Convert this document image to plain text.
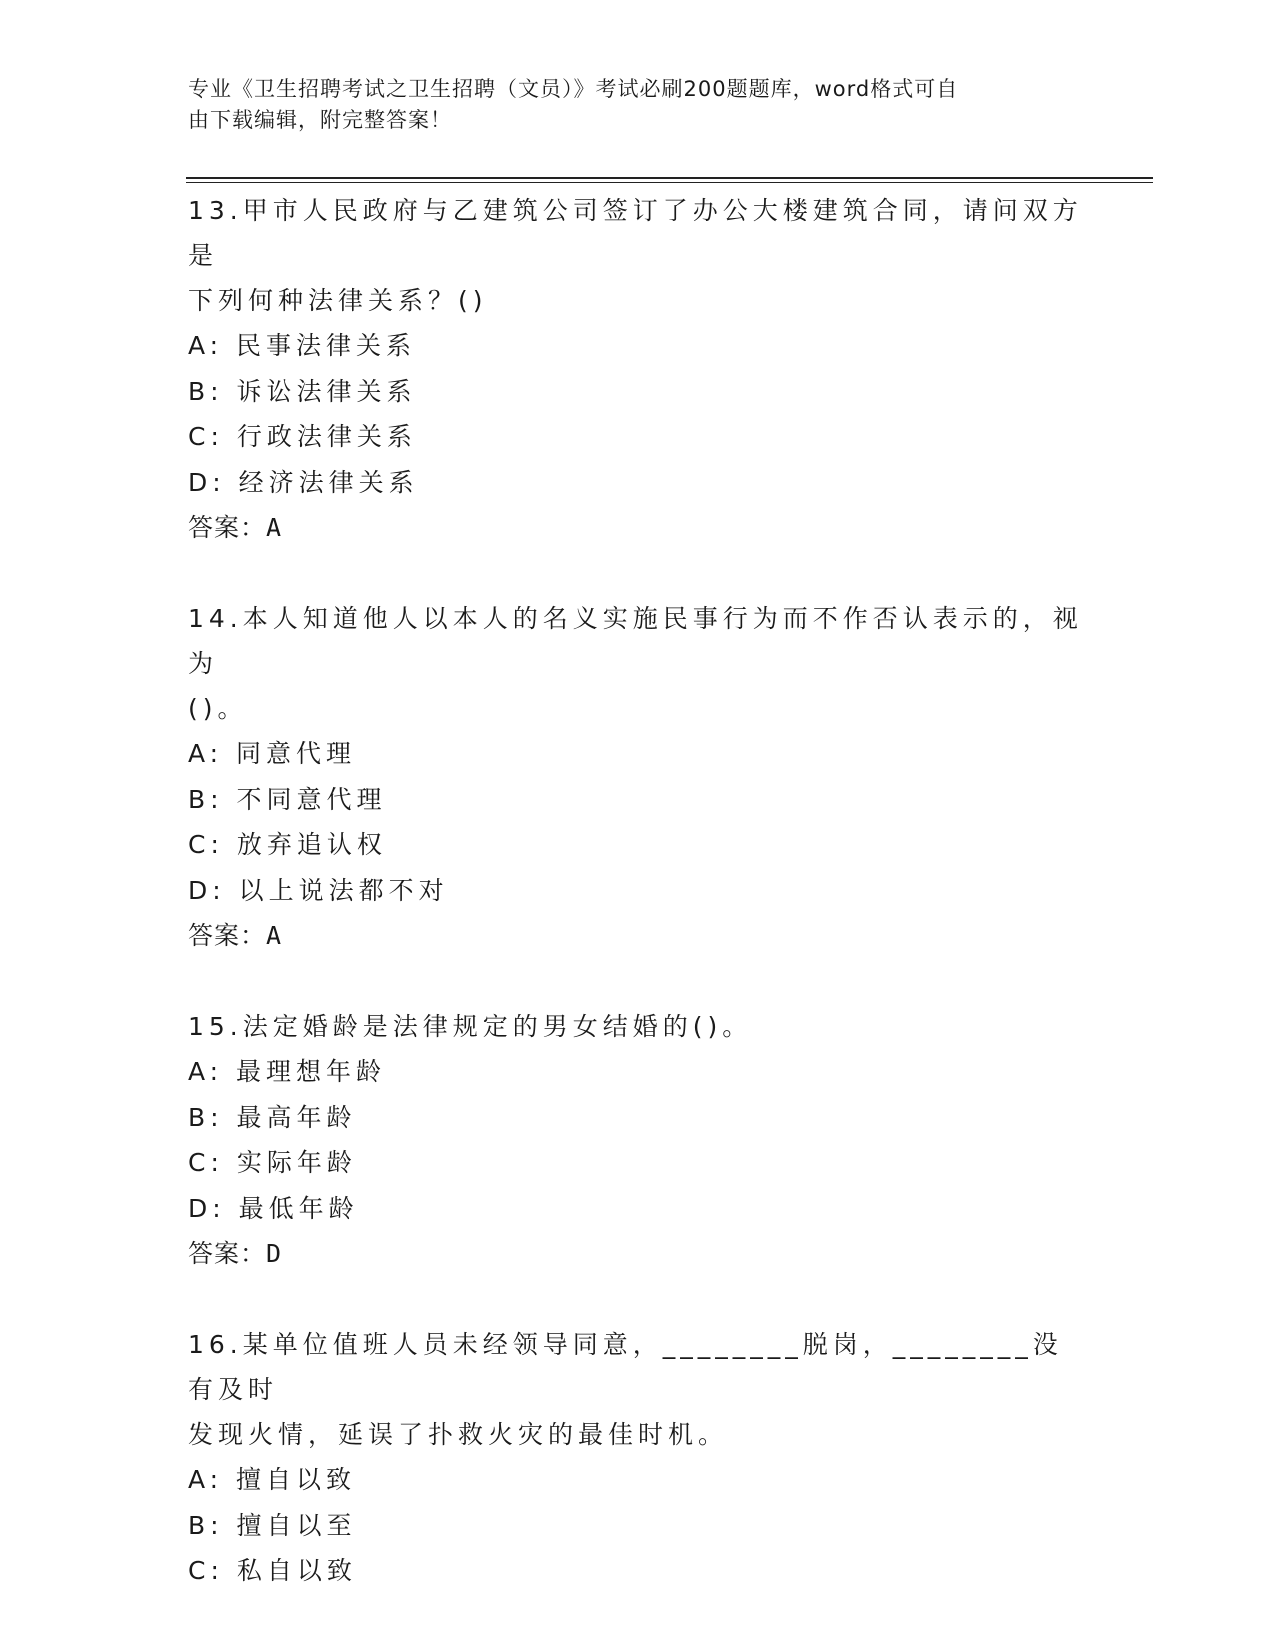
专业《卫生招聘考试之卫生招聘（文员）》考试必刷200题题库，word格式可自
由下载编辑，附完整答案！
13.甲市人民政府与乙建筑公司签订了办公大楼建筑合同，请问双方是
下列何种法律关系？()
A: 民事法律关系
B: 诉讼法律关系
C: 行政法律关系
D: 经济法律关系
答案：A
14.本人知道他人以本人的名义实施民事行为而不作否认表示的，视为
()。
A: 同意代理
B: 不同意代理
C: 放弃追认权
D: 以上说法都不对
答案：A
15.法定婚龄是法律规定的男女结婚的()。
A: 最理想年龄
B: 最高年龄
C: 实际年龄
D: 最低年龄
答案：D
16.某单位值班人员未经领导同意，________脱岗，________没有及时
发现火情，延误了扑救火灾的最佳时机。
A: 擅自以致
B: 擅自以至
C: 私自以致
